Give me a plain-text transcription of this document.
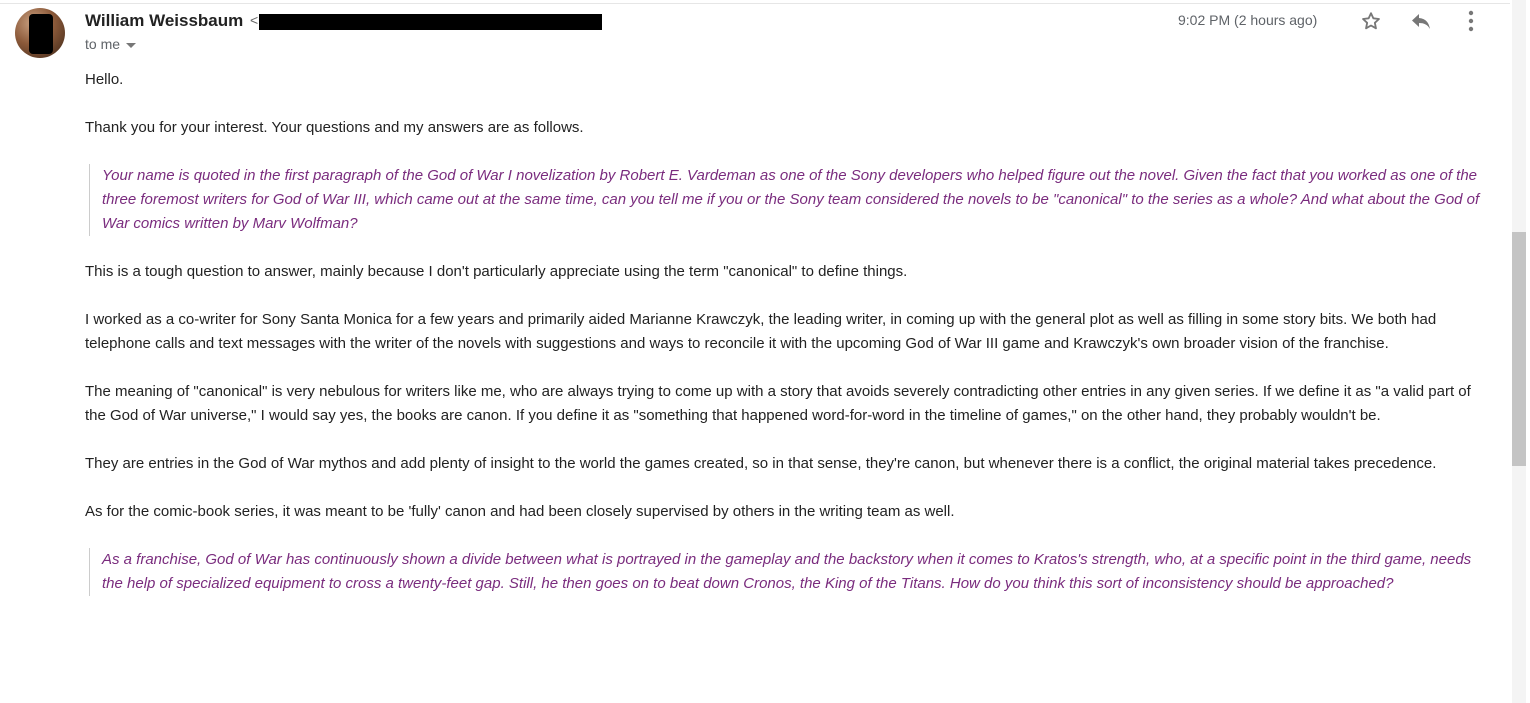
William Weissbaum <
to me
9:02 PM (2 hours ago)

Hello.

Thank you for your interest. Your questions and my answers are as follows.

Your name is quoted in the first paragraph of the God of War I novelization by Robert E. Vardeman as one of the Sony developers who helped figure out the novel. Given the fact that you worked as one of the three foremost writers for God of War III, which came out at the same time, can you tell me if you or the Sony team considered the novels to be "canonical" to the series as a whole? And what about the God of War comics written by Marv Wolfman?

This is a tough question to answer, mainly because I don't particularly appreciate using the term "canonical" to define things.

I worked as a co-writer for Sony Santa Monica for a few years and primarily aided Marianne Krawczyk, the leading writer, in coming up with the general plot as well as filling in some story bits. We both had telephone calls and text messages with the writer of the novels with suggestions and ways to reconcile it with the upcoming God of War III game and Krawczyk's own broader vision of the franchise.

The meaning of "canonical" is very nebulous for writers like me, who are always trying to come up with a story that avoids severely contradicting other entries in any given series. If we define it as "a valid part of the God of War universe," I would say yes, the books are canon. If you define it as "something that happened word-for-word in the timeline of games," on the other hand, they probably wouldn't be.

They are entries in the God of War mythos and add plenty of insight to the world the games created, so in that sense, they're canon, but whenever there is a conflict, the original material takes precedence.

As for the comic-book series, it was meant to be 'fully' canon and had been closely supervised by others in the writing team as well.

As a franchise, God of War has continuously shown a divide between what is portrayed in the gameplay and the backstory when it comes to Kratos's strength, who, at a specific point in the third game, needs the help of specialized equipment to cross a twenty-feet gap. Still, he then goes on to beat down Cronos, the King of the Titans. How do you think this sort of inconsistency should be approached?
